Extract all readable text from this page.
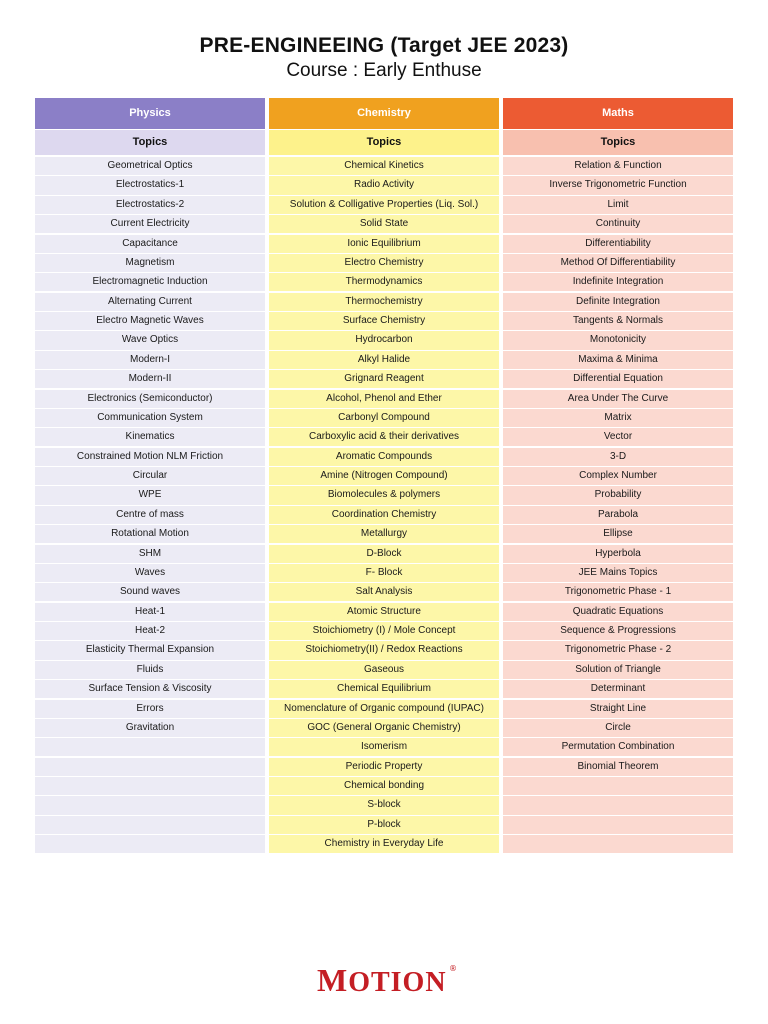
PRE-ENGINEEING (Target JEE 2023)
Course : Early Enthuse
Physics
Topics
Geometrical Optics
Electrostatics-1
Electrostatics-2
Current Electricity
Capacitance
Magnetism
Electromagnetic Induction
Alternating Current
Electro Magnetic Waves
Wave Optics
Modern-I
Modern-II
Electronics (Semiconductor)
Communication System
Kinematics
Constrained Motion NLM Friction
Circular
WPE
Centre of mass
Rotational Motion
SHM
Waves
Sound waves
Heat-1
Heat-2
Elasticity Thermal Expansion
Fluids
Surface Tension & Viscosity
Errors
Gravitation
Chemistry
Topics
Chemical Kinetics
Radio Activity
Solution & Colligative Properties (Liq. Sol.)
Solid State
Ionic Equilibrium
Electro Chemistry
Thermodynamics
Thermochemistry
Surface Chemistry
Hydrocarbon
Alkyl Halide
Grignard Reagent
Alcohol, Phenol and Ether
Carbonyl Compound
Carboxylic acid & their derivatives
Aromatic Compounds
Amine (Nitrogen Compound)
Biomolecules & polymers
Coordination Chemistry
Metallurgy
D-Block
F- Block
Salt Analysis
Atomic Structure
Stoichiometry (I) / Mole Concept
Stoichiometry(II) / Redox Reactions
Gaseous
Chemical Equilibrium
Nomenclature of Organic compound (IUPAC)
GOC (General Organic Chemistry)
Isomerism
Periodic Property
Chemical bonding
S-block
P-block
Chemistry in Everyday Life
Maths
Topics
Relation & Function
Inverse Trigonometric Function
Limit
Continuity
Differentiability
Method Of Differentiability
Indefinite Integration
Definite Integration
Tangents & Normals
Monotonicity
Maxima & Minima
Differential Equation
Area Under The Curve
Matrix
Vector
3-D
Complex Number
Probability
Parabola
Ellipse
Hyperbola
JEE Mains Topics
Trigonometric Phase - 1
Quadratic Equations
Sequence & Progressions
Trigonometric Phase - 2
Solution of Triangle
Determinant
Straight Line
Circle
Permutation Combination
Binomial Theorem
MOTION ®
